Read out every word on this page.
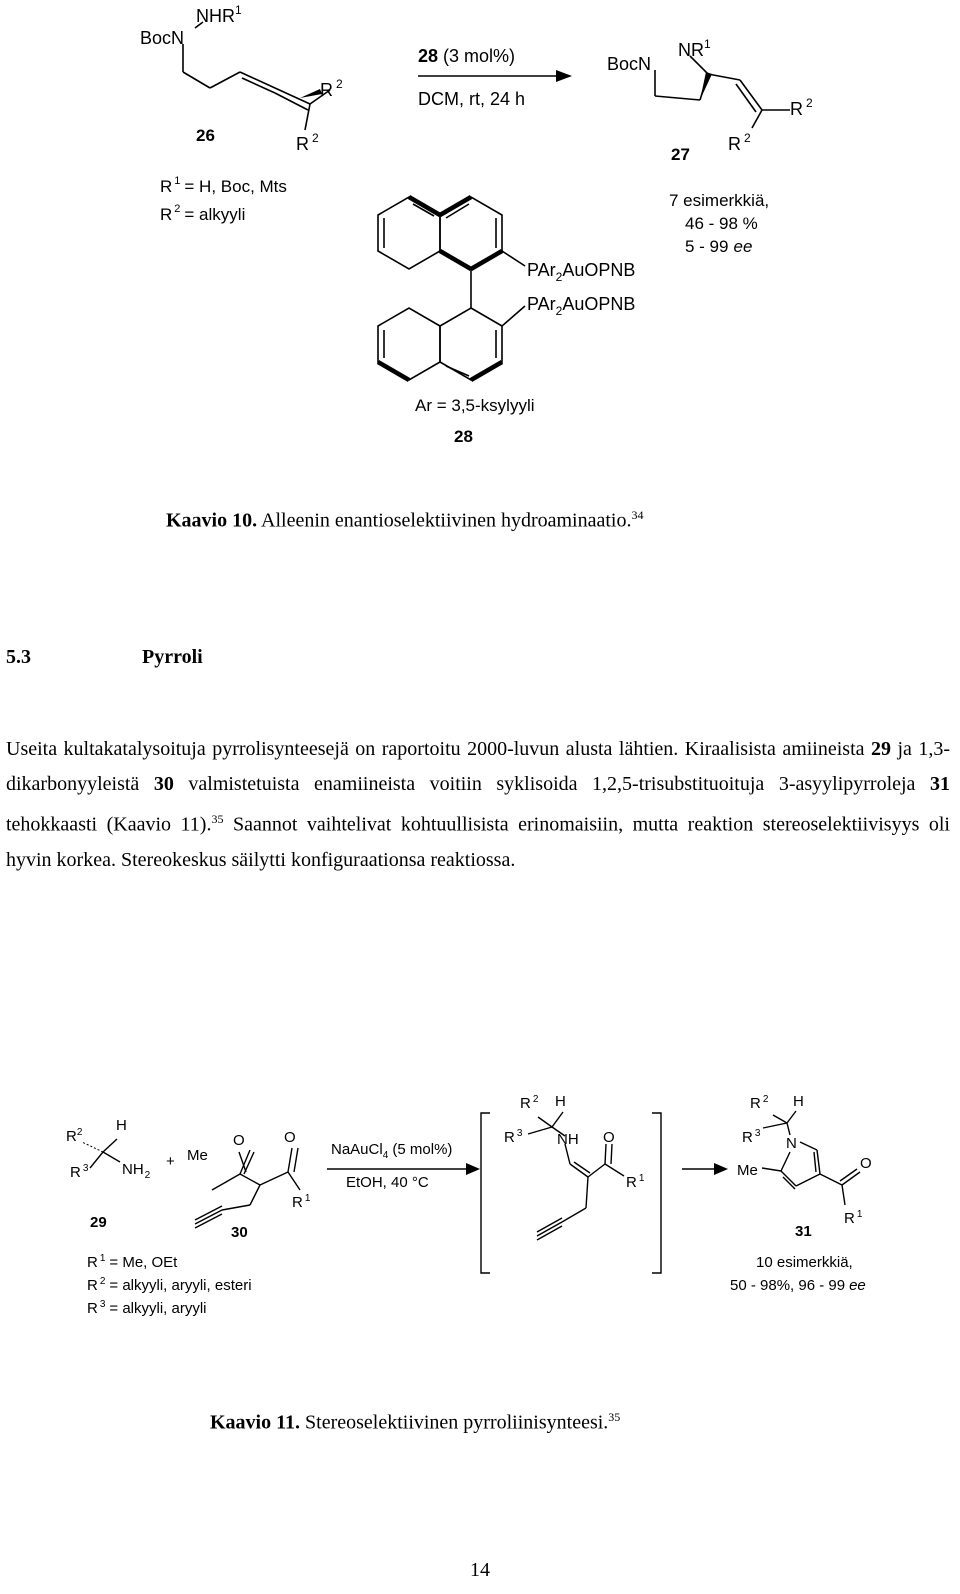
BocN
NHR$^1$
R $^2$
R $^2$
26
R $^1$ = H, Boc, Mts
R $^2$ = alkyyli
28 (3 mol%)
DCM, rt, 24 h
BocN
$NR^1$
R $^2$
R $^2$
27
7 esimerkkiä,
46 - 98 %
5 - 99 ee
PAr$_2$AuOPNB
PAr$_2$AuOPNB
Ar = 3,5-ksylyyli
28
Kaavio 10. Alleenin enantioselektiivinen hydroaminaatio.$^{34}$
5.3	Pyrroli

Useita kultakatalysoituja pyrrolisynteesejä on raportoitu 2000-luvun alusta lähtien. Kiraalisista amiineista 29 ja 1,3-dikarbonyyleistä 30 valmistetuista enamiineista voitiin syklisoida 1,2,5-trisubstituoituja 3-asyylipyrroleja 31 tehokkaasti (Kaavio 11).$^{35}$ Saannot vaihtelivat kohtuullisista erinomaisiin, mutta reaktion stereoselektiivisyys oli hyvin korkea. Stereokeskus säilytti konfiguraationsa reaktiossa.

$R^2$ H
R $^3$ $NH_2$
+ Me
O	O
R $^1$
NaAuCl$_4$ (5 mol%)
EtOH, 40 °C
R $^2$ H
R $^3$ NH O
R $^1$
R $^2$ H
R $^3$
N
Me	O
R $^1$
29
30	31
R $^1$ = Me, OEt
R $^2$ = alkyyli, aryyli, esteri
R $^3$ = alkyyli, aryyli
10 esimerkkiä,
50 - 98%, 96 - 99 ee
Kaavio 11. Stereoselektiivinen pyrroliinisynteesi.$^{35}$
14
